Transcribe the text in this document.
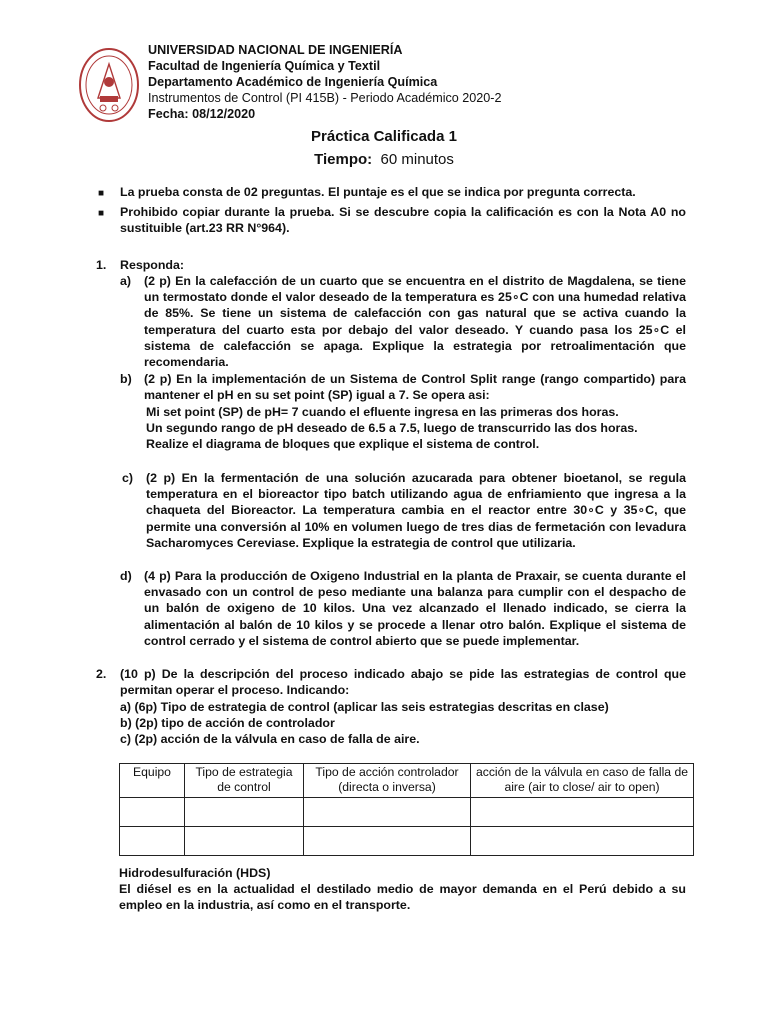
UNIVERSIDAD NACIONAL DE INGENIERÍA
Facultad de Ingeniería Química y Textil
Departamento Académico de Ingeniería Química
Instrumentos de Control (PI 415B) - Periodo Académico 2020-2
Fecha: 08/12/2020
Práctica Calificada 1
Tiempo: 60 minutos
■ La prueba consta de 02 preguntas. El puntaje es el que se indica por pregunta correcta.
■ Prohibido copiar durante la prueba. Si se descubre copia la calificación es con la Nota A0 no sustituible (art.23 RR N°964).
1. Responda:
a) (2 p) En la calefacción de un cuarto que se encuentra en el distrito de Magdalena, se tiene un termostato donde el valor deseado de la temperatura es 25∘C con una humedad relativa de 85%. Se tiene un sistema de calefacción con gas natural que se activa cuando la temperatura del cuarto esta por debajo del valor deseado. Y cuando pasa los 25∘C el sistema de calefacción se apaga. Explique la estrategia por retroalimentación que recomendaria.
b) (2 p) En la implementación de un Sistema de Control Split range (rango compartido) para mantener el pH en su set point (SP) igual a 7. Se opera asi:
Mi set point (SP) de pH= 7 cuando el efluente ingresa en las primeras dos horas.
Un segundo rango de pH deseado de 6.5 a 7.5, luego de transcurrido las dos horas.
Realize el diagrama de bloques que explique el sistema de control.
c) (2 p) En la fermentación de una solución azucarada para obtener bioetanol, se regula temperatura en el bioreactor tipo batch utilizando agua de enfriamiento que ingresa a la chaqueta del Bioreactor. La temperatura cambia en el reactor entre 30∘C y 35∘C, que permite una conversión al 10% en volumen luego de tres dias de fermetación con levadura Sacharomyces Cereviase. Explique la estrategia de control que utilizaria.
d) (4 p) Para la producción de Oxigeno Industrial en la planta de Praxair, se cuenta durante el envasado con un control de peso mediante una balanza para cumplir con el despacho de un balón de oxigeno de 10 kilos. Una vez alcanzado el llenado indicado, se cierra la alimentación al balón de 10 kilos y se procede a llenar otro balón. Explique el sistema de control cerrado y el sistema de control abierto que se puede implementar.
2. (10 p) De la descripción del proceso indicado abajo se pide las estrategias de control que permitan operar el proceso. Indicando:
a) (6p) Tipo de estrategia de control (aplicar las seis estrategias descritas en clase)
b) (2p) tipo de acción de controlador
c) (2p) acción de la válvula en caso de falla de aire.
Equipo	Tipo de estrategia de control	Tipo de acción controlador (directa o inversa)	acción de la válvula en caso de falla de aire (air to close/ air to open)

Hidrodesulfuración (HDS)
El diésel es en la actualidad el destilado medio de mayor demanda en el Perú debido a su empleo en la industria, así como en el transporte.
